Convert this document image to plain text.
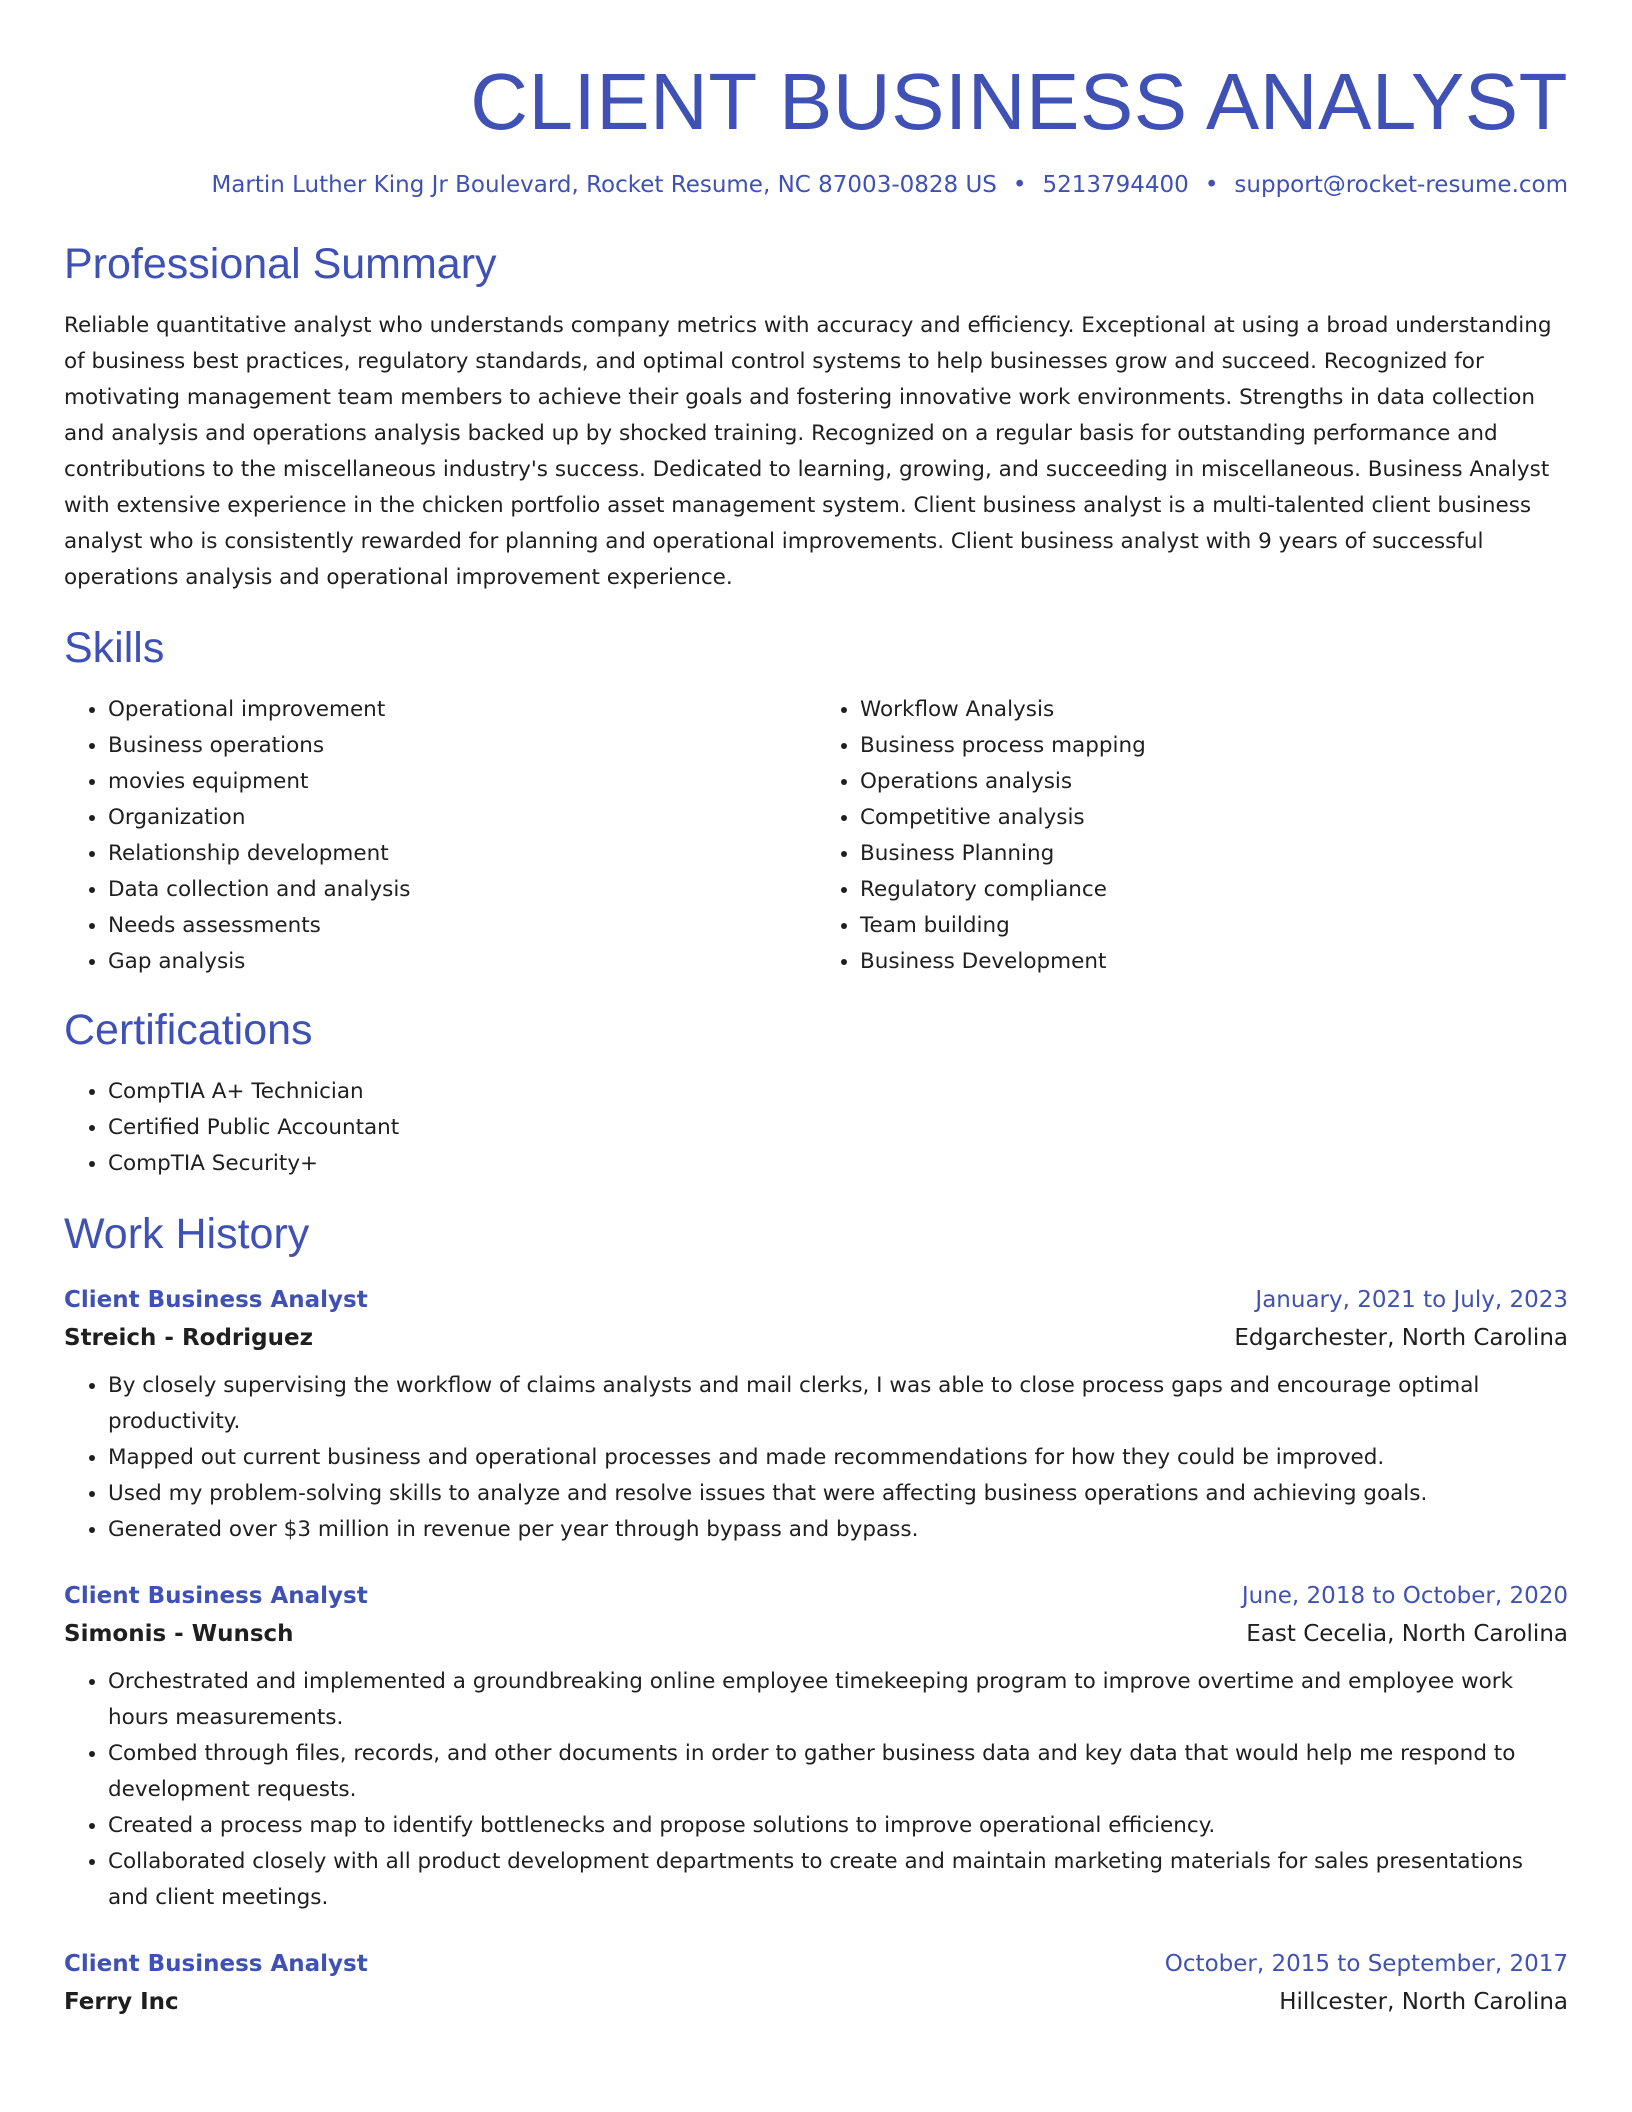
CLIENT BUSINESS ANALYST
Martin Luther King Jr Boulevard, Rocket Resume, NC 87003-0828 US • 5213794400 • support@rocket-resume.com
Professional Summary

Reliable quantitative analyst who understands company metrics with accuracy and efficiency. Exceptional at using a broad understanding of business best practices, regulatory standards, and optimal control systems to help businesses grow and succeed. Recognized for motivating management team members to achieve their goals and fostering innovative work environments. Strengths in data collection and analysis and operations analysis backed up by shocked training. Recognized on a regular basis for outstanding performance and contributions to the miscellaneous industry's success. Dedicated to learning, growing, and succeeding in miscellaneous. Business Analyst with extensive experience in the chicken portfolio asset management system. Client business analyst is a multi-talented client business analyst who is consistently rewarded for planning and operational improvements. Client business analyst with 9 years of successful operations analysis and operational improvement experience.

Skills
• Operational improvement
• Business operations
• movies equipment
• Organization
• Relationship development
• Data collection and analysis
• Needs assessments
• Gap analysis
• Workflow Analysis
• Business process mapping
• Operations analysis
• Competitive analysis
• Business Planning
• Regulatory compliance
• Team building
• Business Development
Certifications
• CompTIA A+ Technician
• Certified Public Accountant
• CompTIA Security+
Work History
Client Business Analyst	January, 2021 to July, 2023
Streich - Rodriguez	Edgarchester, North Carolina
• By closely supervising the workflow of claims analysts and mail clerks, I was able to close process gaps and encourage optimal productivity.
• Mapped out current business and operational processes and made recommendations for how they could be improved.
• Used my problem-solving skills to analyze and resolve issues that were affecting business operations and achieving goals.
• Generated over $3 million in revenue per year through bypass and bypass.
Client Business Analyst	June, 2018 to October, 2020
Simonis - Wunsch	East Cecelia, North Carolina
• Orchestrated and implemented a groundbreaking online employee timekeeping program to improve overtime and employee work hours measurements.
• Combed through files, records, and other documents in order to gather business data and key data that would help me respond to development requests.
• Created a process map to identify bottlenecks and propose solutions to improve operational efficiency.
• Collaborated closely with all product development departments to create and maintain marketing materials for sales presentations and client meetings.
Client Business Analyst	October, 2015 to September, 2017
Ferry Inc	Hillcester, North Carolina
